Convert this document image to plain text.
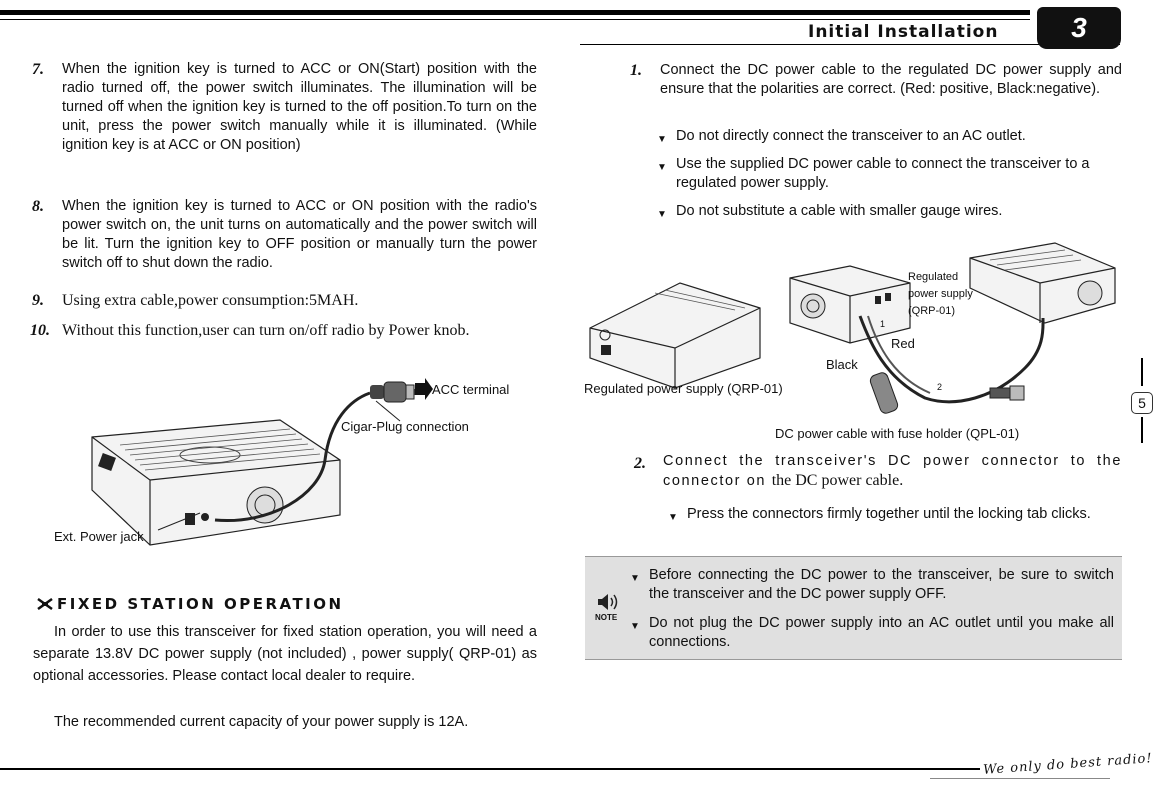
Initial Installation	3
7. When the ignition key is turned to ACC or ON(Start) position with the radio turned off, the power switch illuminates. The illumination will be turned off when the ignition key is turned to the off position.To turn on the unit, press the power switch manually while it is illuminated. (While ignition key is at ACC or ON position)
8. When the ignition key is turned to ACC or ON position with the radio's power switch on, the unit turns on automatically and the power switch will be lit. Turn the ignition key to OFF position or manually turn the power switch off to shut down the radio.
9. Using extra cable,power consumption:5MAH.
10. Without this function,user can turn on/off radio by Power knob.
ACC terminal
Cigar-Plug connection
Ext. Power jack
FIXED STATION OPERATION
In order to use this transceiver for fixed station operation, you will need a separate 13.8V DC power supply (not included) , power supply( QRP-01) as optional accessories. Please contact local dealer to require.
The recommended current capacity of your power supply is 12A.
1. Connect the DC power cable to the regulated DC power supply and ensure that the polarities are correct. (Red: positive, Black:negative).
▼ Do not directly connect the transceiver to an AC outlet.
▼ Use the supplied DC power cable to connect the transceiver to a regulated power supply.
▼ Do not substitute a cable with smaller gauge wires.
Regulated power supply (QRP-01)
Regulated
power supply
(QRP-01)
Red
Black
1
2
DC power cable with fuse holder (QPL-01)
2. Connect the transceiver's DC power connector to the connector on the DC power cable.
▼ Press the connectors firmly together until the locking tab clicks.
NOTE
▼ Before connecting the DC power to the transceiver, be sure to switch the transceiver and the DC power supply OFF.
▼ Do not plug the DC power supply into an AC outlet until you make all connections.
5
We only do best radio!
